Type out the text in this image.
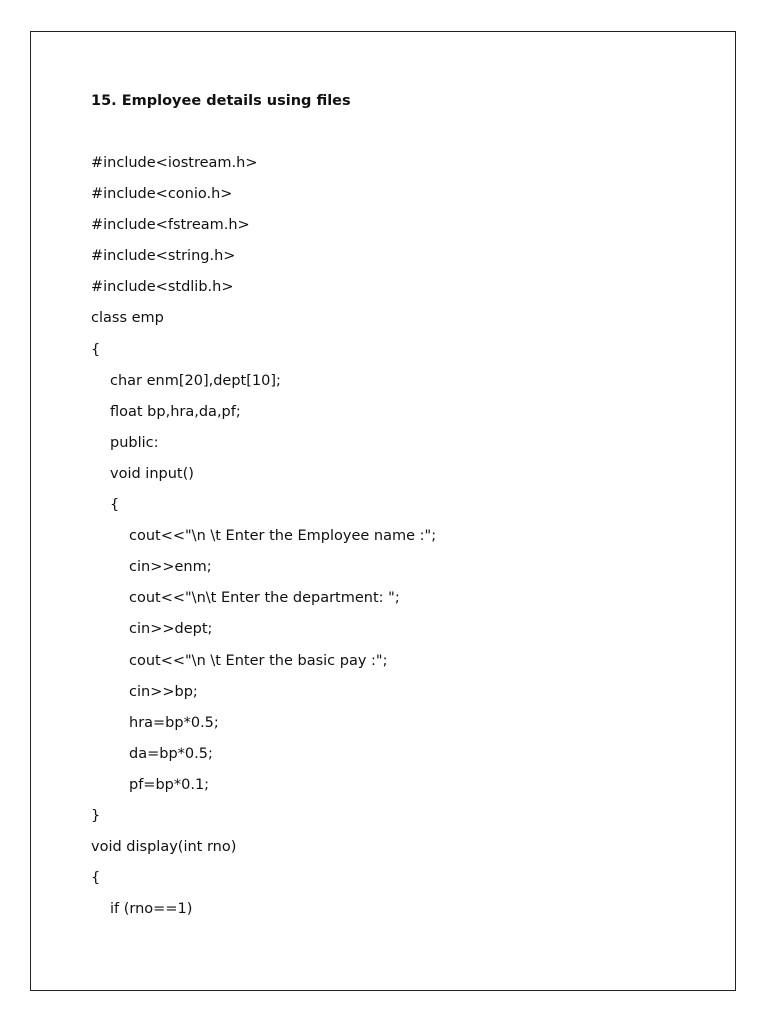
15. Employee details using files
#include<iostream.h>
#include<conio.h>
#include<fstream.h>
#include<string.h>
#include<stdlib.h>
class emp
{
char enm[20],dept[10];
float bp,hra,da,pf;
public:
void input()
{
cout<<"\n \t Enter the Employee name :";
cin>>enm;
cout<<"\n\t Enter the department: ";
cin>>dept;
cout<<"\n \t Enter the basic pay :";
cin>>bp;
hra=bp*0.5;
da=bp*0.5;
pf=bp*0.1;
}
void display(int rno)
{
if (rno==1)
